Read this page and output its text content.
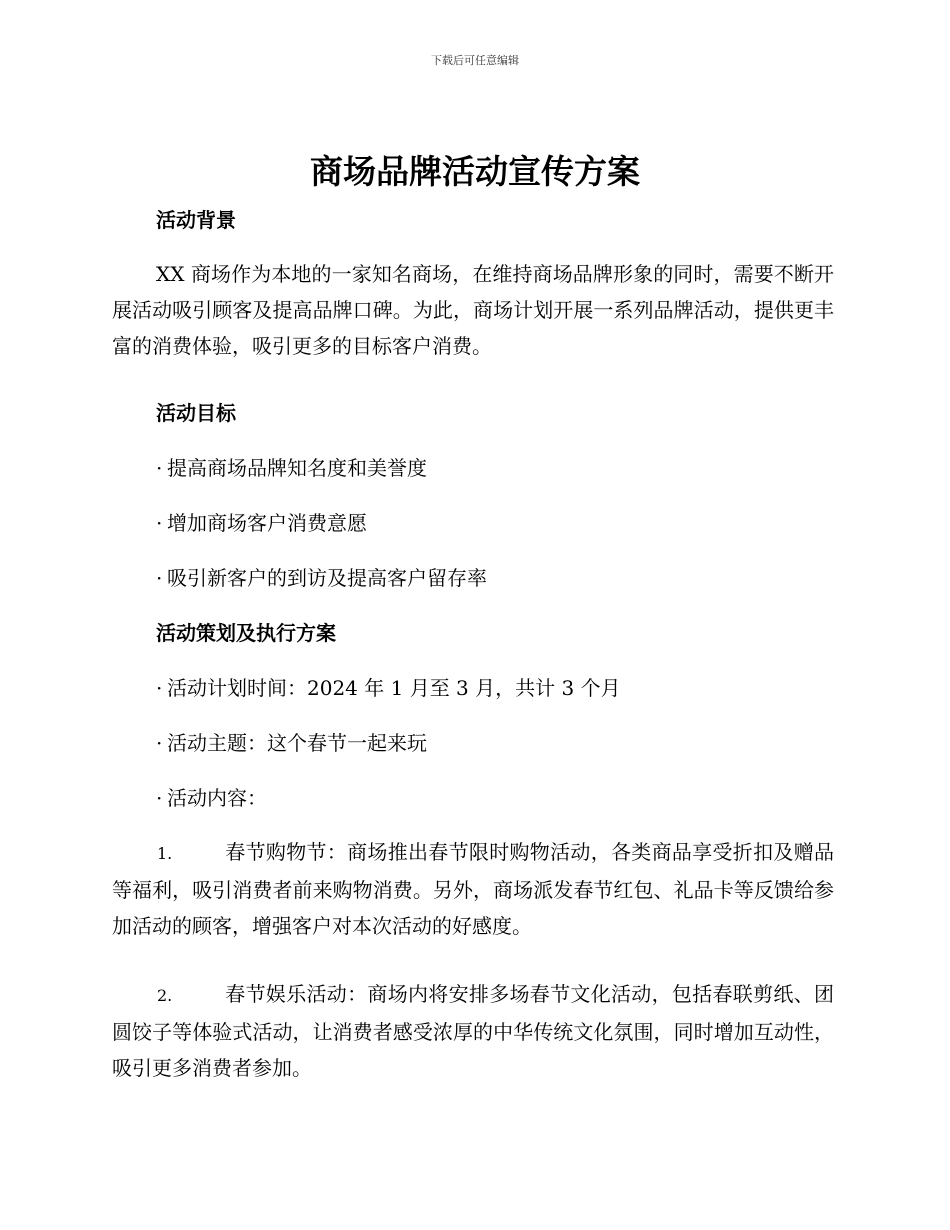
下载后可任意编辑
商场品牌活动宣传方案
活动背景

XX 商场作为本地的一家知名商场，在维持商场品牌形象的同时，需要不断开展活动吸引顾客及提高品牌口碑。为此，商场计划开展一系列品牌活动，提供更丰富的消费体验，吸引更多的目标客户消费。

活动目标

· 提高商场品牌知名度和美誉度

· 增加商场客户消费意愿

· 吸引新客户的到访及提高客户留存率

活动策划及执行方案

· 活动计划时间：2024 年 1 月至 3 月，共计 3 个月

· 活动主题：这个春节一起来玩

· 活动内容：

1.	春节购物节：商场推出春节限时购物活动，各类商品享受折扣及赠品等福利，吸引消费者前来购物消费。另外，商场派发春节红包、礼品卡等反馈给参加活动的顾客，增强客户对本次活动的好感度。

2.	春节娱乐活动：商场内将安排多场春节文化活动，包括春联剪纸、团圆饺子等体验式活动，让消费者感受浓厚的中华传统文化氛围，同时增加互动性，吸引更多消费者参加。
